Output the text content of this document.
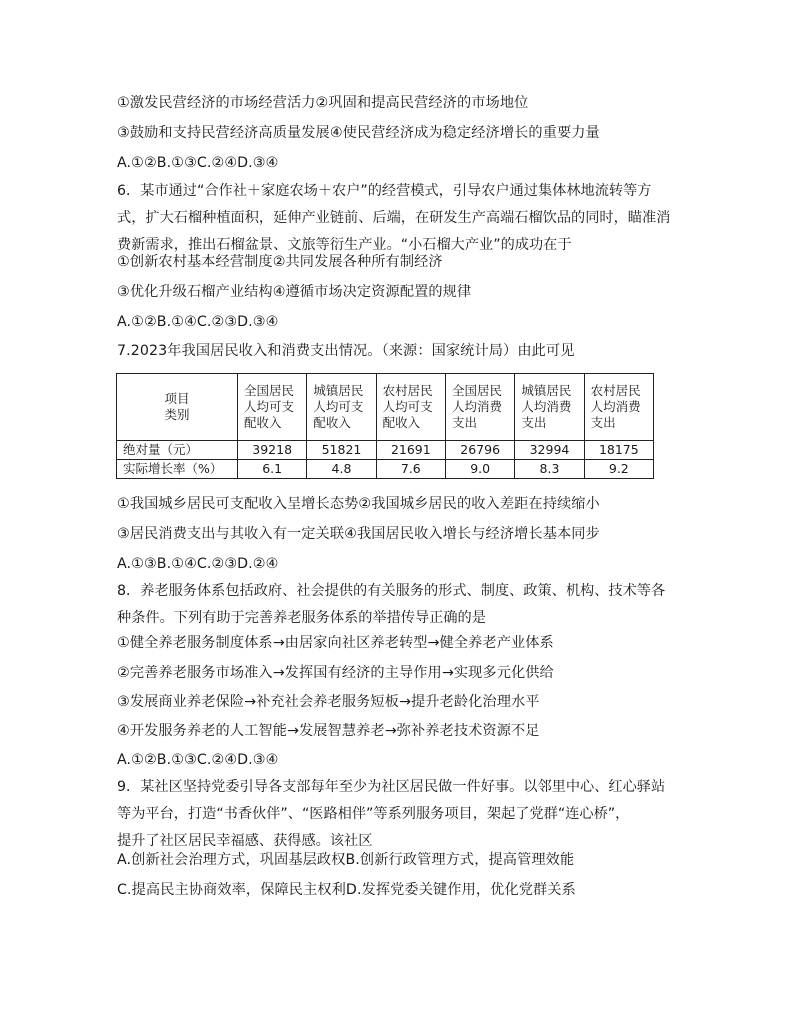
①激发民营经济的市场经营活力②巩固和提高民营经济的市场地位
③鼓励和支持民营经济高质量发展④使民营经济成为稳定经济增长的重要力量
A.①②B.①③C.②④D.③④
6．某市通过“合作社＋家庭农场＋农户”的经营模式，引导农户通过集体林地流转等方
式，扩大石榴种植面积，延伸产业链前、后端，在研发生产高端石榴饮品的同时，瞄准消
费新需求，推出石榴盆景、文旅等衍生产业。“小石榴大产业”的成功在于
①创新农村基本经营制度②共同发展各种所有制经济
③优化升级石榴产业结构④遵循市场决定资源配置的规律
A.①②B.①④C.②③D.③④
7.2023年我国居民收入和消费支出情况。（来源：国家统计局）由此可见
项目
类别	全国居民
人均可支
配收入	城镇居民
人均可支
配收入	农村居民
人均可支
配收入	全国居民
人均消费
支出	城镇居民
人均消费
支出	农村居民
人均消费
支出

绝对量（元）	39218	51821	21691	26796	32994	18175
实际增长率（%）	6.1	4.8	7.6	9.0	8.3	9.2
①我国城乡居民可支配收入呈增长态势②我国城乡居民的收入差距在持续缩小
③居民消费支出与其收入有一定关联④我国居民收入增长与经济增长基本同步
A.①③B.①④C.②③D.②④
8．养老服务体系包括政府、社会提供的有关服务的形式、制度、政策、机构、技术等各
种条件。下列有助于完善养老服务体系的举措传导正确的是
①健全养老服务制度体系→由居家向社区养老转型→健全养老产业体系
②完善养老服务市场准入→发挥国有经济的主导作用→实现多元化供给
③发展商业养老保险→补充社会养老服务短板→提升老龄化治理水平
④开发服务养老的人工智能→发展智慧养老→弥补养老技术资源不足
A.①②B.①③C.②④D.③④
9．某社区坚持党委引导各支部每年至少为社区居民做一件好事。以邻里中心、红心驿站
等为平台，打造“书香伙伴”、“医路相伴”等系列服务项目，架起了党群“连心桥”，
提升了社区居民幸福感、获得感。该社区
A.创新社会治理方式，巩固基层政权B.创新行政管理方式，提高管理效能
C.提高民主协商效率，保障民主权利D.发挥党委关键作用，优化党群关系
